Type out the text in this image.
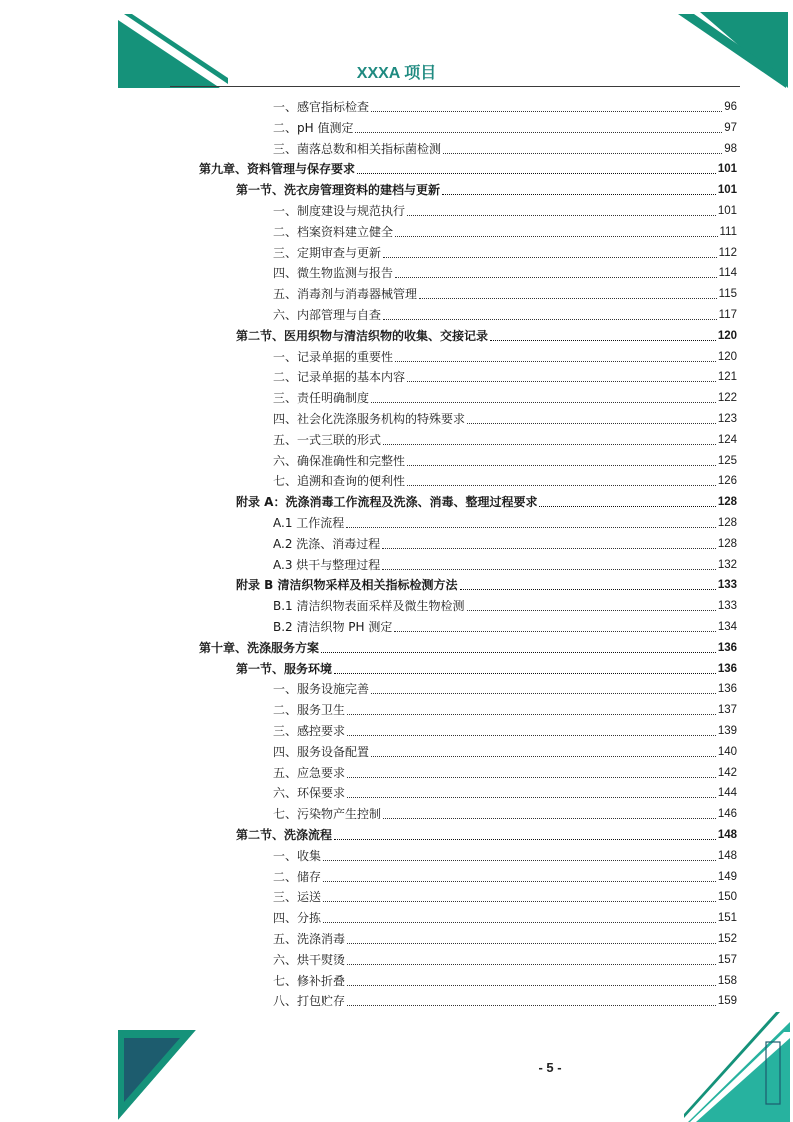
XXXA 项目
一、感官指标检查	96
二、pH 值测定	97
三、菌落总数和相关指标菌检测	98
第九章、资料管理与保存要求	101
第一节、洗衣房管理资料的建档与更新	101
一、制度建设与规范执行	101
二、档案资料建立健全	111
三、定期审查与更新	112
四、微生物监测与报告	114
五、消毒剂与消毒器械管理	115
六、内部管理与自查	117
第二节、医用织物与清洁织物的收集、交接记录	120
一、记录单据的重要性	120
二、记录单据的基本内容	121
三、责任明确制度	122
四、社会化洗涤服务机构的特殊要求	123
五、一式三联的形式	124
六、确保准确性和完整性	125
七、追溯和查询的便利性	126
附录 A：洗涤消毒工作流程及洗涤、消毒、整理过程要求	128
A.1 工作流程	128
A.2 洗涤、消毒过程	128
A.3 烘干与整理过程	132
附录 B 清洁织物采样及相关指标检测方法	133
B.1 清洁织物表面采样及微生物检测	133
B.2 清洁织物 PH 测定	134
第十章、洗涤服务方案	136
第一节、服务环境	136
一、服务设施完善	136
二、服务卫生	137
三、感控要求	139
四、服务设备配置	140
五、应急要求	142
六、环保要求	144
七、污染物产生控制	146
第二节、洗涤流程	148
一、收集	148
二、储存	149
三、运送	150
四、分拣	151
五、洗涤消毒	152
六、烘干熨烫	157
七、修补折叠	158
八、打包贮存	159
- 5 -
